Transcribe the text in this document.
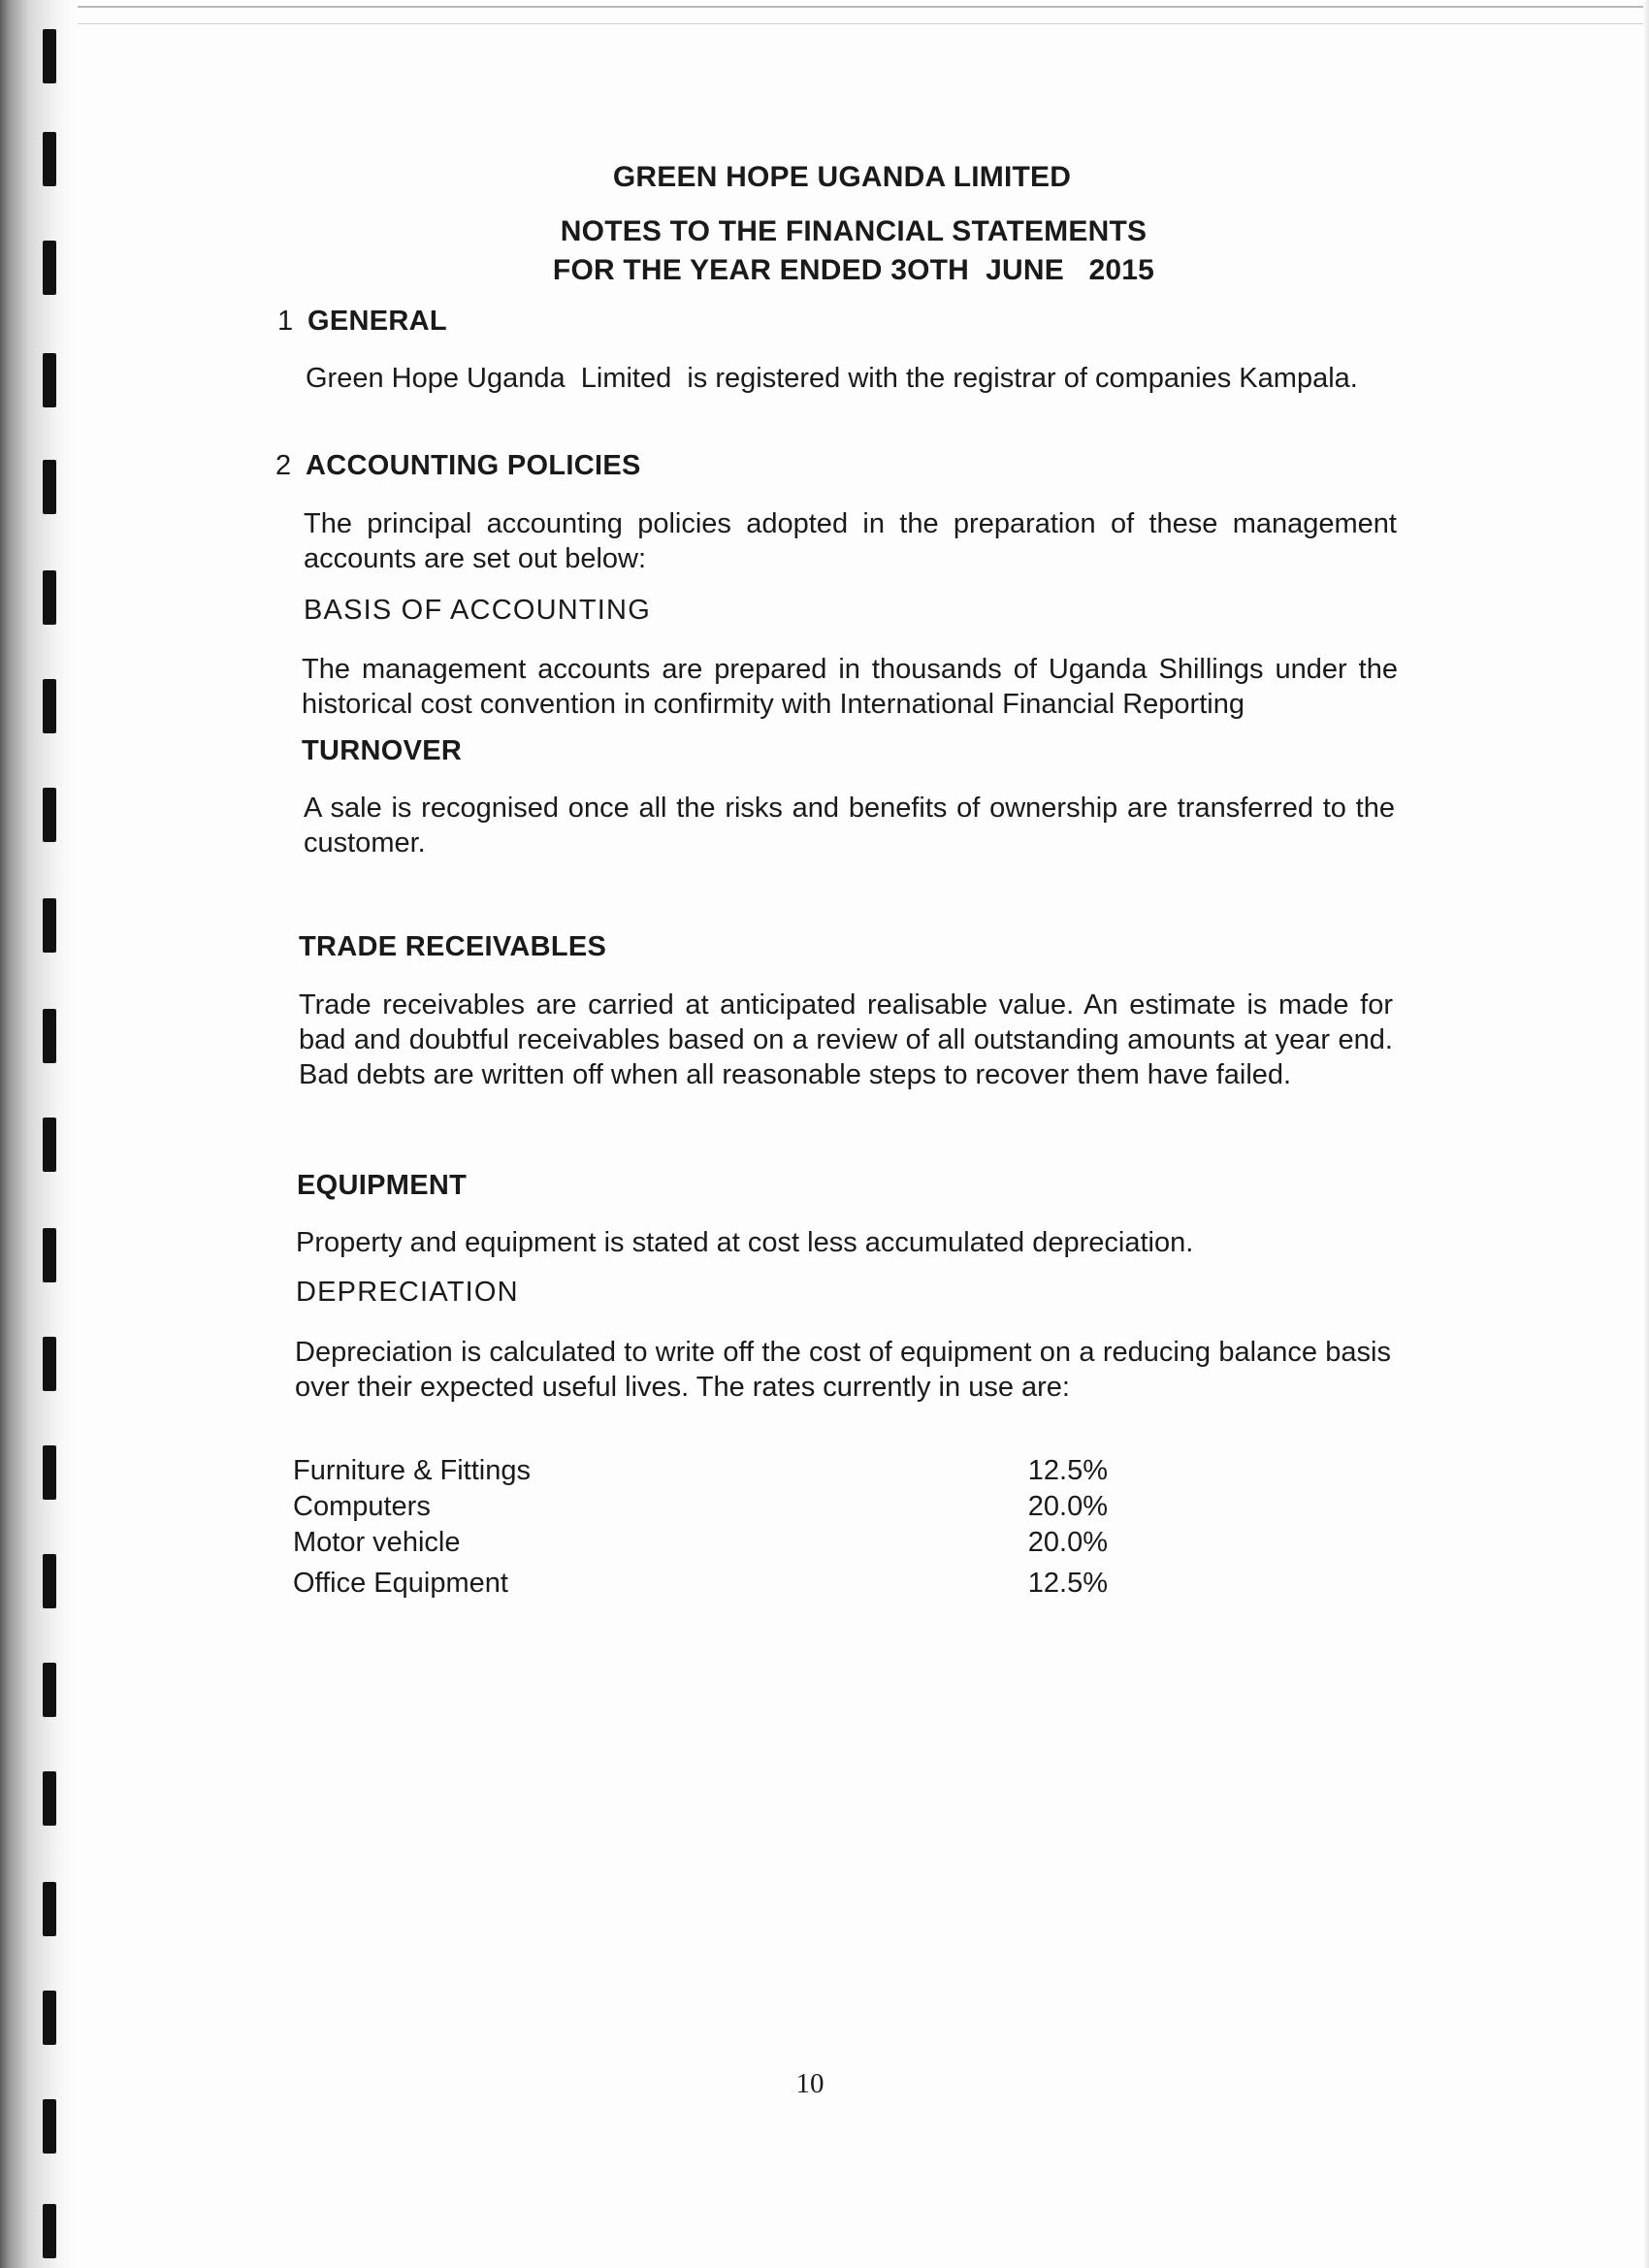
GREEN HOPE UGANDA LIMITED
NOTES TO THE FINANCIAL STATEMENTS
FOR THE YEAR ENDED 3OTH  JUNE   2015
1 GENERAL
Green Hope Uganda  Limited  is registered with the registrar of companies Kampala.
2 ACCOUNTING POLICIES
The principal accounting policies adopted in the preparation of these management accounts are set out below:
BASIS OF ACCOUNTING
The management accounts are prepared in thousands of Uganda Shillings under the historical cost convention in confirmity with International Financial Reporting
TURNOVER
A sale is recognised once all the risks and benefits of ownership are transferred to the customer.
TRADE RECEIVABLES
Trade receivables are carried at anticipated realisable value. An estimate is made for bad and doubtful receivables based on a review of all outstanding amounts at year end. Bad debts are written off when all reasonable steps to recover them have failed.
EQUIPMENT
Property and equipment is stated at cost less accumulated depreciation.
DEPRECIATION
Depreciation is calculated to write off the cost of equipment on a reducing balance basis over their expected useful lives. The rates currently in use are:
Furniture & Fittings	12.5%
Computers	20.0%
Motor vehicle	20.0%
Office Equipment	12.5%
10
